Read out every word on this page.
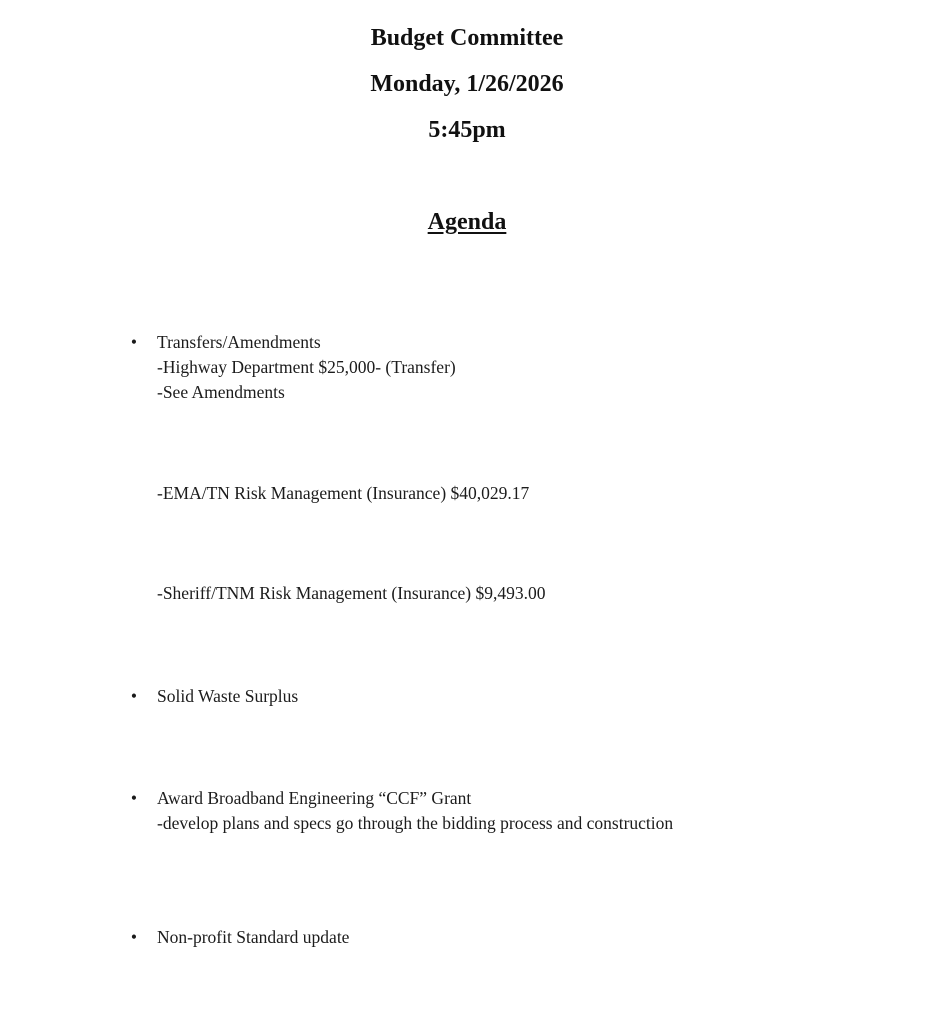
Budget Committee
Monday, 1/26/2026
5:45pm
Agenda
• Transfers/Amendments
-Highway Department $25,000- (Transfer)
-See Amendments
-EMA/TN Risk Management (Insurance) $40,029.17
-Sheriff/TNM Risk Management (Insurance) $9,493.00
• Solid Waste Surplus
• Award Broadband Engineering “CCF” Grant
-develop plans and specs go through the bidding process and construction
• Non-profit Standard update
